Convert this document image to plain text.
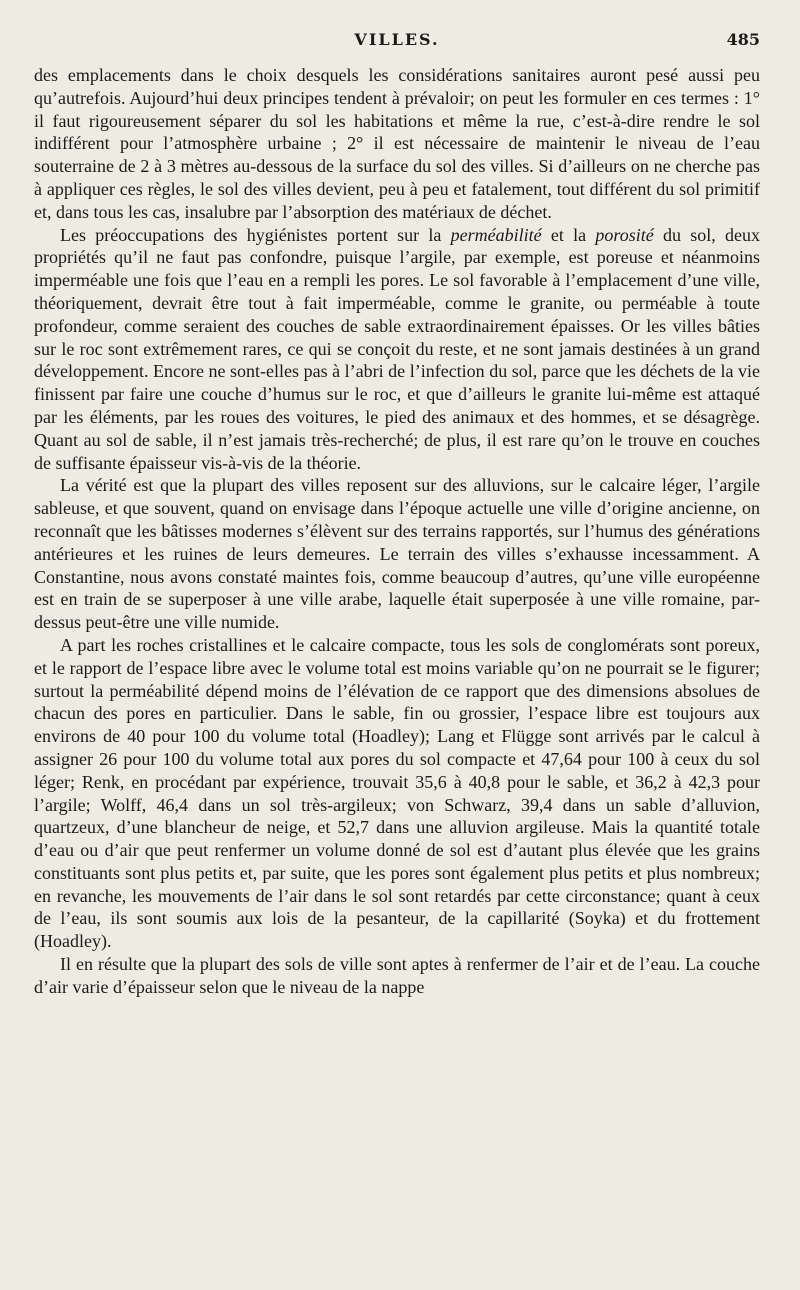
VILLES.	485

des emplacements dans le choix desquels les considérations sanitaires auront pesé aussi peu qu’autrefois. Aujourd’hui deux principes tendent à prévaloir; on peut les formuler en ces termes : 1° il faut rigoureusement séparer du sol les habitations et même la rue, c’est-à-dire rendre le sol indifférent pour l’atmosphère urbaine ; 2° il est nécessaire de maintenir le niveau de l’eau souterraine de 2 à 3 mètres au-dessous de la surface du sol des villes. Si d’ailleurs on ne cherche pas à appliquer ces règles, le sol des villes devient, peu à peu et fatalement, tout différent du sol primitif et, dans tous les cas, insalubre par l’absorption des matériaux de déchet.

Les préoccupations des hygiénistes portent sur la perméabilité et la porosité du sol, deux propriétés qu’il ne faut pas confondre, puisque l’argile, par exemple, est poreuse et néanmoins imperméable une fois que l’eau en a rempli les pores. Le sol favorable à l’emplacement d’une ville, théoriquement, devrait être tout à fait imperméable, comme le granite, ou perméable à toute profondeur, comme seraient des couches de sable extraordinairement épaisses. Or les villes bâties sur le roc sont extrêmement rares, ce qui se conçoit du reste, et ne sont jamais destinées à un grand développement. Encore ne sont-elles pas à l’abri de l’infection du sol, parce que les déchets de la vie finissent par faire une couche d’humus sur le roc, et que d’ailleurs le granite lui-même est attaqué par les éléments, par les roues des voitures, le pied des animaux et des hommes, et se désagrège. Quant au sol de sable, il n’est jamais très-recherché; de plus, il est rare qu’on le trouve en couches de suffisante épaisseur vis-à-vis de la théorie.

La vérité est que la plupart des villes reposent sur des alluvions, sur le calcaire léger, l’argile sableuse, et que souvent, quand on envisage dans l’époque actuelle une ville d’origine ancienne, on reconnaît que les bâtisses modernes s’élèvent sur des terrains rapportés, sur l’humus des générations antérieures et les ruines de leurs demeures. Le terrain des villes s’exhausse incessamment. A Constantine, nous avons constaté maintes fois, comme beaucoup d’autres, qu’une ville européenne est en train de se superposer à une ville arabe, laquelle était superposée à une ville romaine, par-dessus peut-être une ville numide.

A part les roches cristallines et le calcaire compacte, tous les sols de conglomérats sont poreux, et le rapport de l’espace libre avec le volume total est moins variable qu’on ne pourrait se le figurer; surtout la perméabilité dépend moins de l’élévation de ce rapport que des dimensions absolues de chacun des pores en particulier. Dans le sable, fin ou grossier, l’espace libre est toujours aux environs de 40 pour 100 du volume total (Hoadley); Lang et Flügge sont arrivés par le calcul à assigner 26 pour 100 du volume total aux pores du sol compacte et 47,64 pour 100 à ceux du sol léger; Renk, en procédant par expérience, trouvait 35,6 à 40,8 pour le sable, et 36,2 à 42,3 pour l’argile; Wolff, 46,4 dans un sol très-argileux; von Schwarz, 39,4 dans un sable d’alluvion, quartzeux, d’une blancheur de neige, et 52,7 dans une alluvion argileuse. Mais la quantité totale d’eau ou d’air que peut renfermer un volume donné de sol est d’autant plus élevée que les grains constituants sont plus petits et, par suite, que les pores sont également plus petits et plus nombreux; en revanche, les mouvements de l’air dans le sol sont retardés par cette circonstance; quant à ceux de l’eau, ils sont soumis aux lois de la pesanteur, de la capillarité (Soyka) et du frottement (Hoadley).

Il en résulte que la plupart des sols de ville sont aptes à renfermer de l’air et de l’eau. La couche d’air varie d’épaisseur selon que le niveau de la nappe
